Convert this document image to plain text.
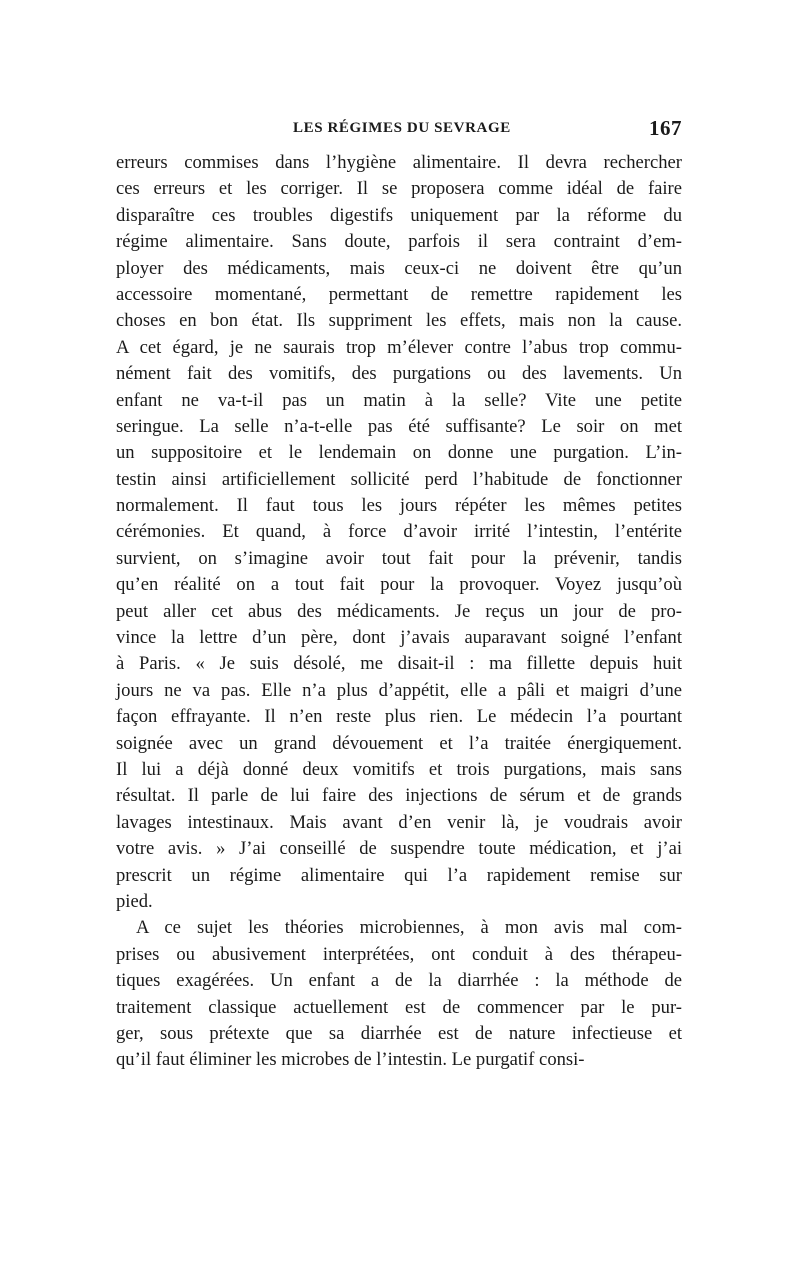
LES RÉGIMES DU SEVRAGE	167
erreurs commises dans l’hygiène alimentaire. Il devra rechercher
ces erreurs et les corriger. Il se proposera comme idéal de faire
disparaître ces troubles digestifs uniquement par la réforme du
régime alimentaire. Sans doute, parfois il sera contraint d’em-
ployer des médicaments, mais ceux-ci ne doivent être qu’un
accessoire momentané, permettant de remettre rapidement les
choses en bon état. Ils suppriment les effets, mais non la cause.
A cet égard, je ne saurais trop m’élever contre l’abus trop commu-
nément fait des vomitifs, des purgations ou des lavements. Un
enfant ne va-t-il pas un matin à la selle? Vite une petite
seringue. La selle n’a-t-elle pas été suffisante? Le soir on met
un suppositoire et le lendemain on donne une purgation. L’in-
testin ainsi artificiellement sollicité perd l’habitude de fonctionner
normalement. Il faut tous les jours répéter les mêmes petites
cérémonies. Et quand, à force d’avoir irrité l’intestin, l’entérite
survient, on s’imagine avoir tout fait pour la prévenir, tandis
qu’en réalité on a tout fait pour la provoquer. Voyez jusqu’où
peut aller cet abus des médicaments. Je reçus un jour de pro-
vince la lettre d’un père, dont j’avais auparavant soigné l’enfant
à Paris. « Je suis désolé, me disait-il : ma fillette depuis huit
jours ne va pas. Elle n’a plus d’appétit, elle a pâli et maigri d’une
façon effrayante. Il n’en reste plus rien. Le médecin l’a pourtant
soignée avec un grand dévouement et l’a traitée énergiquement.
Il lui a déjà donné deux vomitifs et trois purgations, mais sans
résultat. Il parle de lui faire des injections de sérum et de grands
lavages intestinaux. Mais avant d’en venir là, je voudrais avoir
votre avis. » J’ai conseillé de suspendre toute médication, et j’ai
prescrit un régime alimentaire qui l’a rapidement remise sur
pied.
A ce sujet les théories microbiennes, à mon avis mal com-
prises ou abusivement interprétées, ont conduit à des thérapeu-
tiques exagérées. Un enfant a de la diarrhée : la méthode de
traitement classique actuellement est de commencer par le pur-
ger, sous prétexte que sa diarrhée est de nature infectieuse et
qu’il faut éliminer les microbes de l’intestin. Le purgatif consi-
